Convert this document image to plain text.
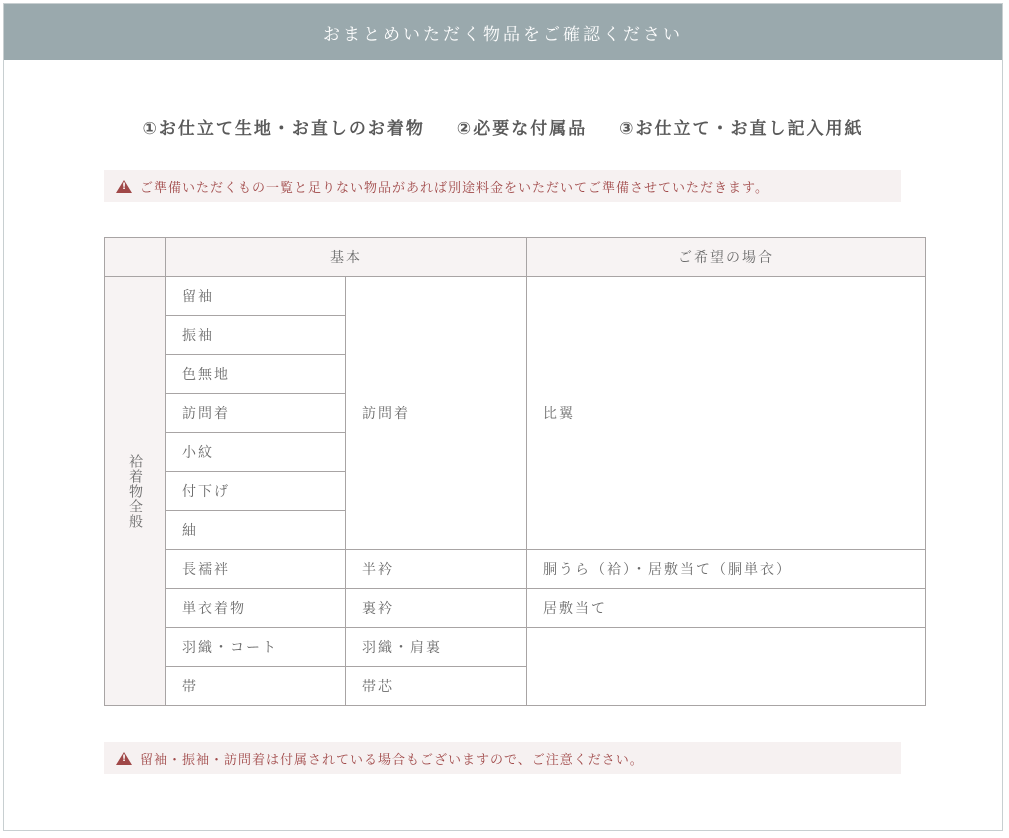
おまとめいただく物品をご確認ください
①お仕立て生地・お直しのお着物 ②必要な付属品 ③お仕立て・お直し記入用紙
!
ご準備いただくもの一覧と足りない物品があれば別途料金をいただいてご準備させていただきます。
	基本		ご希望の場合

袷着物全般	留袖	訪問着	比翼
	振袖		
	色無地		
	訪問着		
	小紋		
	付下げ		
	紬		
	長襦袢	半衿	胴うら（袷）・居敷当て（胴単衣）
	単衣着物	裏衿	居敷当て
	羽織・コート	羽織・肩裏	
	帯	帯芯	
!
留袖・振袖・訪問着は付属されている場合もございますので、ご注意ください。
